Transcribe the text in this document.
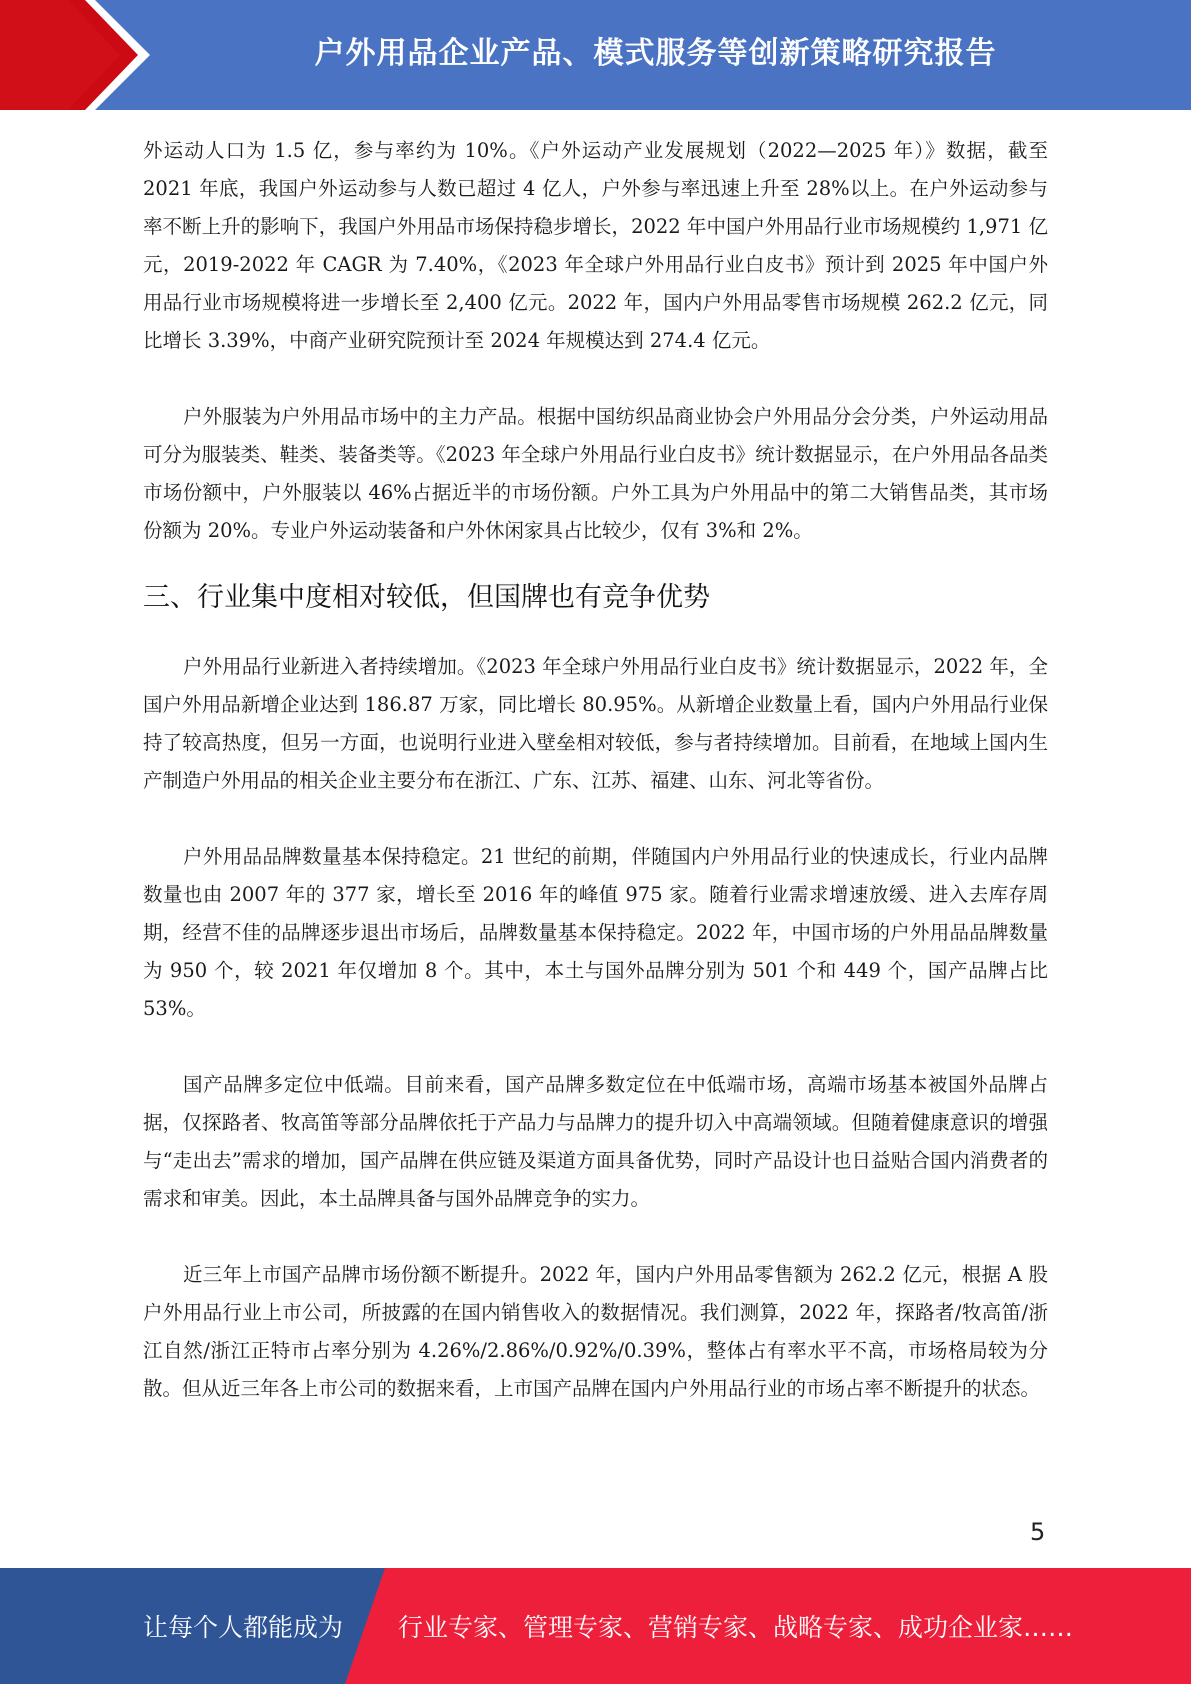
户外用品企业产品、模式服务等创新策略研究报告

外运动人口为 1.5 亿，参与率约为 10%。《户外运动产业发展规划（2022—2025 年）》数据，截至 2021 年底，我国户外运动参与人数已超过 4 亿人，户外参与率迅速上升至 28%以上。在户外运动参与率不断上升的影响下，我国户外用品市场保持稳步增长，2022 年中国户外用品行业市场规模约 1,971 亿元，2019-2022 年 CAGR 为 7.40%，《2023 年全球户外用品行业白皮书》预计到 2025 年中国户外用品行业市场规模将进一步增长至 2,400 亿元。2022 年，国内户外用品零售市场规模 262.2 亿元，同比增长 3.39%，中商产业研究院预计至 2024 年规模达到 274.4 亿元。

户外服装为户外用品市场中的主力产品。根据中国纺织品商业协会户外用品分会分类，户外运动用品可分为服装类、鞋类、装备类等。《2023 年全球户外用品行业白皮书》统计数据显示，在户外用品各品类市场份额中，户外服装以 46%占据近半的市场份额。户外工具为户外用品中的第二大销售品类，其市场份额为 20%。专业户外运动装备和户外休闲家具占比较少，仅有 3%和 2%。

三、行业集中度相对较低，但国牌也有竞争优势

户外用品行业新进入者持续增加。《2023 年全球户外用品行业白皮书》统计数据显示，2022 年，全国户外用品新增企业达到 186.87 万家，同比增长 80.95%。从新增企业数量上看，国内户外用品行业保持了较高热度，但另一方面，也说明行业进入壁垒相对较低，参与者持续增加。目前看，在地域上国内生产制造户外用品的相关企业主要分布在浙江、广东、江苏、福建、山东、河北等省份。

户外用品品牌数量基本保持稳定。21 世纪的前期，伴随国内户外用品行业的快速成长，行业内品牌数量也由 2007 年的 377 家，增长至 2016 年的峰值 975 家。随着行业需求增速放缓、进入去库存周期，经营不佳的品牌逐步退出市场后，品牌数量基本保持稳定。2022 年，中国市场的户外用品品牌数量为 950 个，较 2021 年仅增加 8 个。其中，本土与国外品牌分别为 501 个和 449 个，国产品牌占比 53%。

国产品牌多定位中低端。目前来看，国产品牌多数定位在中低端市场，高端市场基本被国外品牌占据，仅探路者、牧高笛等部分品牌依托于产品力与品牌力的提升切入中高端领域。但随着健康意识的增强与“走出去”需求的增加，国产品牌在供应链及渠道方面具备优势，同时产品设计也日益贴合国内消费者的需求和审美。因此，本土品牌具备与国外品牌竞争的实力。

近三年上市国产品牌市场份额不断提升。2022 年，国内户外用品零售额为 262.2 亿元，根据 A 股户外用品行业上市公司，所披露的在国内销售收入的数据情况。我们测算，2022 年，探路者/牧高笛/浙江自然/浙江正特市占率分别为 4.26%/2.86%/0.92%/0.39%，整体占有率水平不高，市场格局较为分散。但从近三年各上市公司的数据来看，上市国产品牌在国内户外用品行业的市场占率不断提升的状态。

5
让每个人都能成为 行业专家、管理专家、营销专家、战略专家、成功企业家……
